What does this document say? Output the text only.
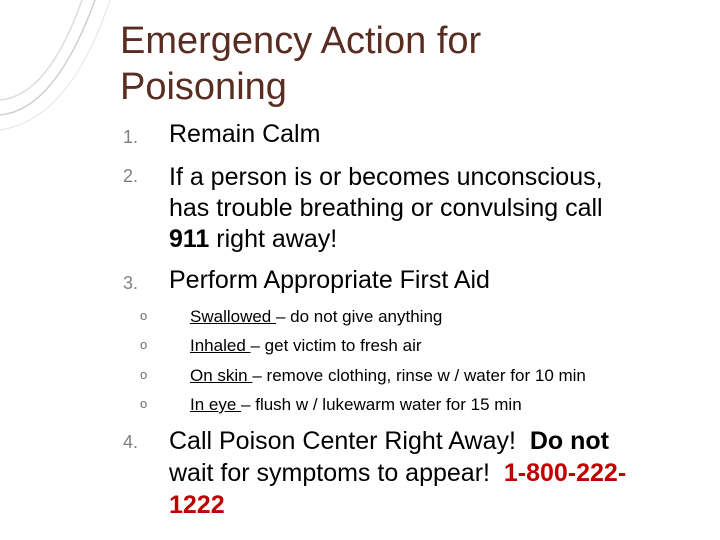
Emergency Action for
Poisoning
1. Remain Calm
2. If a person is or becomes unconscious,
has trouble breathing or convulsing call
911 right away!
3. Perform Appropriate First Aid
o	Swallowed – do not give anything
o	Inhaled – get victim to fresh air
o	On skin – remove clothing, rinse w / water for 10 min
o	In eye – flush w / lukewarm water for 15 min
4. Call Poison Center Right Away!  Do not
wait for symptoms to appear!  1-800-222-
1222
